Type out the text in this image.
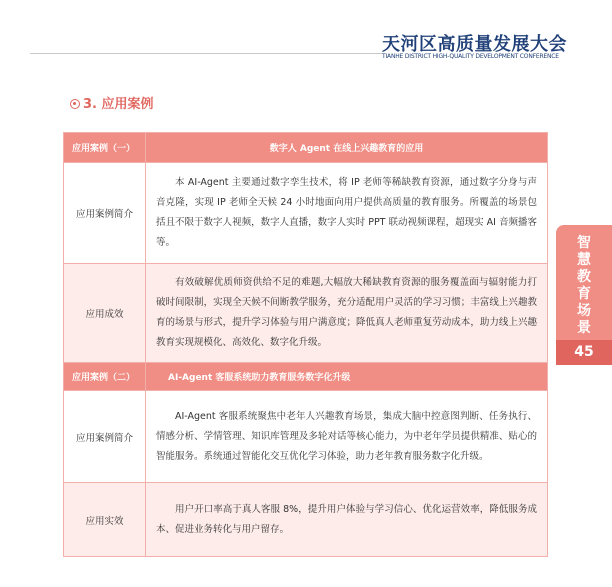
天河区高质量发展大会
TIANHE DISTRICT HIGH-QUALITY DEVELOPMENT CONFERENCE
3. 应用案例
应用案例（一）	数字人 Agent 在线上兴趣教育的应用
应用案例简介	本 AI-Agent 主要通过数字孪生技术，将 IP 老师等稀缺教育资源，通过数字分身与声音克隆，实现 IP 老师全天候 24 小时地面向用户提供高质量的教育服务。所覆盖的场景包括且不限于数字人视频，数字人直播，数字人实时 PPT 联动视频课程，超现实 AI 音频播客等。

应用成效	有效破解优质师资供给不足的难题,大幅放大稀缺教育资源的服务覆盖面与辐射能力打破时间限制，实现全天候不间断教学服务，充分适配用户灵活的学习习惯；丰富线上兴趣教育的场景与形式，提升学习体验与用户满意度；降低真人老师重复劳动成本，助力线上兴趣教育实现规模化、高效化、数字化升级。

应用案例（二）	AI-Agent 客服系统助力教育服务数字化升级
应用案例简介	AI-Agent 客服系统聚焦中老年人兴趣教育场景，集成大脑中控意图判断、任务执行、情感分析、学情管理、知识库管理及多轮对话等核心能力，为中老年学员提供精准、贴心的智能服务。系统通过智能化交互优化学习体验，助力老年教育服务数字化升级。

应用实效	用户开口率高于真人客服 8%，提升用户体验与学习信心、优化运营效率，降低服务成本、促进业务转化与用户留存。
智
慧
教
育
场
景
45
